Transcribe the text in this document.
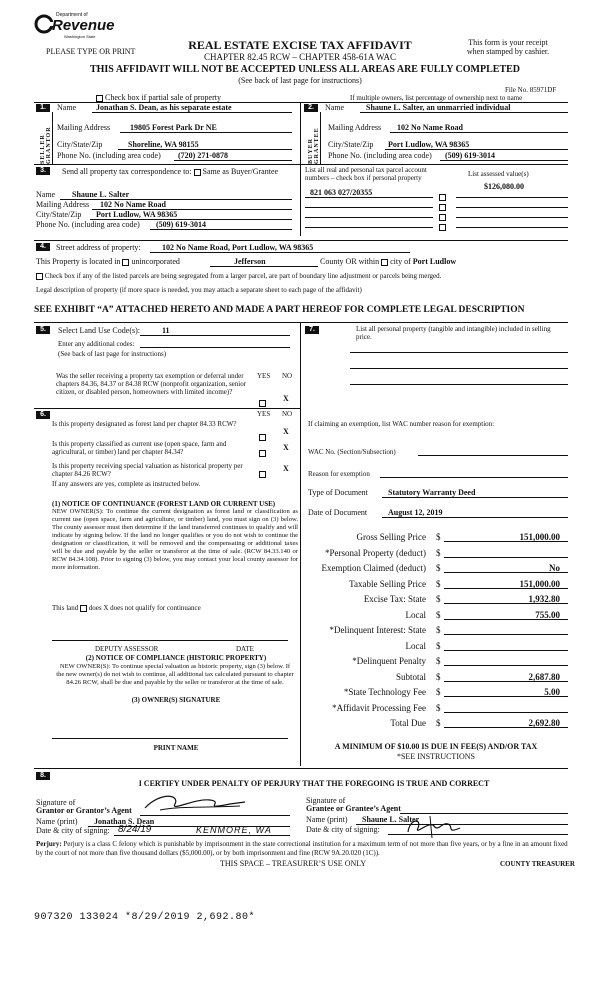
Department of
Revenue
Washington State
PLEASE TYPE OR PRINT	REAL ESTATE EXCISE TAX AFFIDAVIT
CHAPTER 82.45 RCW – CHAPTER 458-61A WAC
This form is your receipt
when stamped by cashier.
THIS AFFIDAVIT WILL NOT BE ACCEPTED UNLESS ALL AREAS ARE FULLY COMPLETED
(See back of last page for instructions)
File No. 85971DF
Check box if partial sale of property	If multiple owners, list percentage of ownership next to name
1.
SELLER GRANTOR
Name Jonathan S. Dean, as his separate estate
Mailing Address 19805 Forest Park Dr NE
City/State/Zip	Shoreline, WA 98155
Phone No. (including area code) (720) 271-0878
2.
BUYER GRANTEE
Name	Shaune L. Salter, an unmarried individual
Mailing Address 102 No Name Road
City/State/Zip Port Ludlow, WA 98365
Phone No. (including area code) (509) 619-3014
3.	Send all property tax correspondence to: Same as Buyer/Grantee	List all real and personal tax parcel account
numbers – check box if personal property	List assessed value(s)
$126,080.00
Name Shaune L. Salter
Mailing Address 102 No Name Road
City/State/Zip Port Ludlow, WA 98365
Phone No. (including area code) (509) 619-3014
821 063 027/20355
4.	Street address of property:	102 No Name Road, Port Ludlow, WA 98365
This Property is located in unincorporated	Jefferson	County OR within city of Port Ludlow
Check box if any of the listed parcels are being segregated from a larger parcel, are part of boundary line adjustment or parcels being merged.
Legal description of property (if more space is needed, you may attach a separate sheet to each page of the affidavit)
SEE EXHIBIT “A” ATTACHED HERETO AND MADE A PART HEREOF FOR COMPLETE LEGAL DESCRIPTION
5.	Select Land Use Code(s):	11
Enter any additional codes:
(See back of last page for instructions)
YES NO
Was the seller receiving a property tax exemption or deferral under chapters 84.36, 84.37 or 84.38 RCW (nonprofit organization, senior citizen, or disabled person, homeowners with limited income)?
X
6.	YES NO
Is this property designated as forest land per chapter 84.33 RCW?
X
Is this property classified as current use (open space, farm and agricultural, or timber) land per chapter 84.34?	X
Is this property receiving special valuation as historical property per chapter 84.26 RCW?
X
If any answers are yes, complete as instructed below.
(1) NOTICE OF CONTINUANCE (FOREST LAND OR CURRENT USE)
NEW OWNER(S): To continue the current designation as forest land or classification as current use (open space, farm and agriculture, or timber) land, you must sign on (3) below. The county assessor must then determine if the land transferred continues to qualify and will indicate by signing below. If the land no longer qualifies or you do not wish to continue the designation or classification, it will be removed and the compensating or additional taxes will be due and payable by the seller or transferor at the time of sale. (RCW 84.33.140 or RCW 84.34.108). Prior to signing (3) below, you may contact your local county assessor for more information.
This land does X does not qualify for continuance
DEPUTY ASSESSOR	DATE
(2) NOTICE OF COMPLIANCE (HISTORIC PROPERTY)
NEW OWNER(S): To continue special valuation as historic property, sign (3) below. If the new owner(s) do not wish to continue, all additional tax calculated pursuant to chapter 84.26 RCW, shall be due and payable by the seller or transferor at the time of sale.
(3) OWNER(S) SIGNATURE
PRINT NAME
7.	List all personal property (tangible and intangible) included in selling price.
If claiming an exemption, list WAC number reason for exemption:
WAC No. (Section/Subsection)
Reason for exemption
Type of Document	Statutory Warranty Deed
Date of Document	August 12, 2019
Gross Selling Price $	151,000.00
*Personal Property (deduct) $
Exemption Claimed (deduct) $	No
Taxable Selling Price $	151,000.00
Excise Tax: State $	1,932.80
Local $	755.00
*Delinquent Interest: State $
Local $
*Delinquent Penalty $
Subtotal $	2,687.80
*State Technology Fee $	5.00
*Affidavit Processing Fee $
Total Due $	2,692.80
A MINIMUM OF $10.00 IS DUE IN FEE(S) AND/OR TAX
*SEE INSTRUCTIONS
8.
I CERTIFY UNDER PENALTY OF PERJURY THAT THE FOREGOING IS TRUE AND CORRECT
Signature of
Grantor or Grantor’s Agent
Name (print) Jonathan S. Dean
Date & city of signing: 8/24/19	KENMORE, WA
Signature of
Grantee or Grantee’s Agent
Name (print) Shaune L. Salter
Date & city of signing:
Perjury: Perjury is a class C felony which is punishable by imprisonment in the state correctional institution for a maximum term of not more than five years, or by a fine in an amount fixed by the court of not more than five thousand dollars ($5,000.00), or by both imprisonment and fine (RCW 9A.20.020 (1C)).
THIS SPACE – TREASURER’S USE ONLY	COUNTY TREASURER
907320 133024 *8/29/2019 2,692.80*
